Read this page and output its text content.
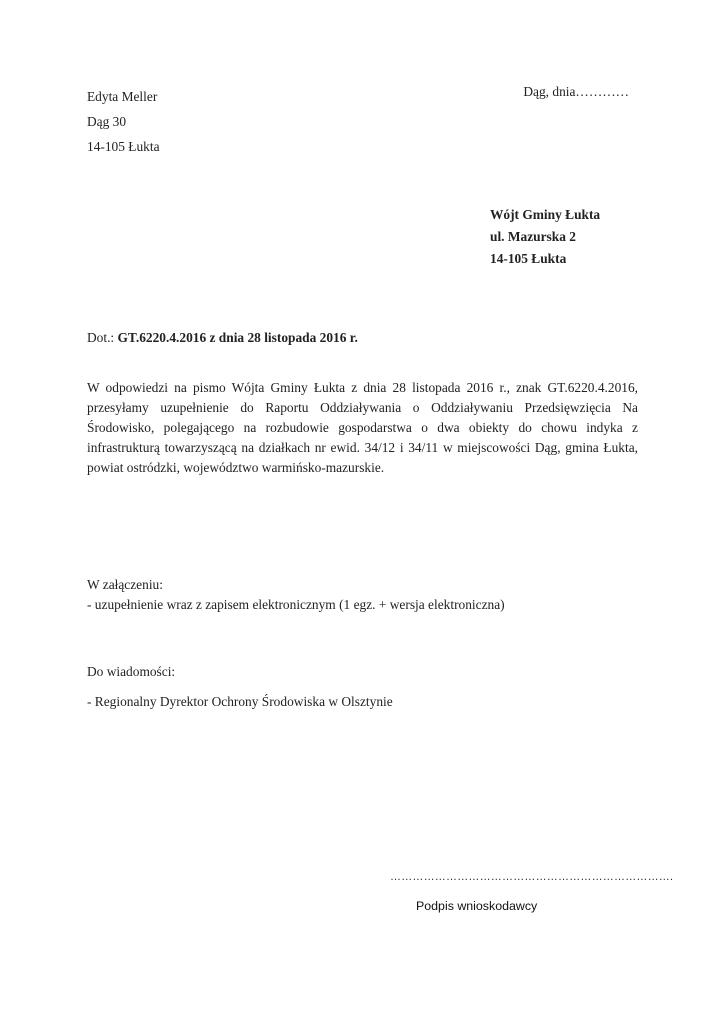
Edyta Meller
Dąg 30
14-105 Łukta
Dąg, dnia…………
Wójt Gminy Łukta
ul. Mazurska 2
14-105 Łukta
Dot.: GT.6220.4.2016 z dnia 28 listopada 2016 r.
W odpowiedzi na pismo Wójta Gminy Łukta z dnia 28 listopada 2016 r., znak GT.6220.4.2016, przesyłamy uzupełnienie do Raportu Oddziaływania o Oddziaływaniu Przedsięwzięcia Na Środowisko, polegającego na rozbudowie gospodarstwa o dwa obiekty do chowu indyka z infrastrukturą towarzyszącą na działkach nr ewid. 34/12 i 34/11 w miejscowości Dąg, gmina Łukta, powiat ostródzki, województwo warmińsko-mazurskie.
W załączeniu:
- uzupełnienie wraz z zapisem elektronicznym (1 egz. + wersja elektroniczna)
Do wiadomości:
- Regionalny Dyrektor Ochrony Środowiska w Olsztynie
………………………………………………………………….
Podpis wnioskodawcy
